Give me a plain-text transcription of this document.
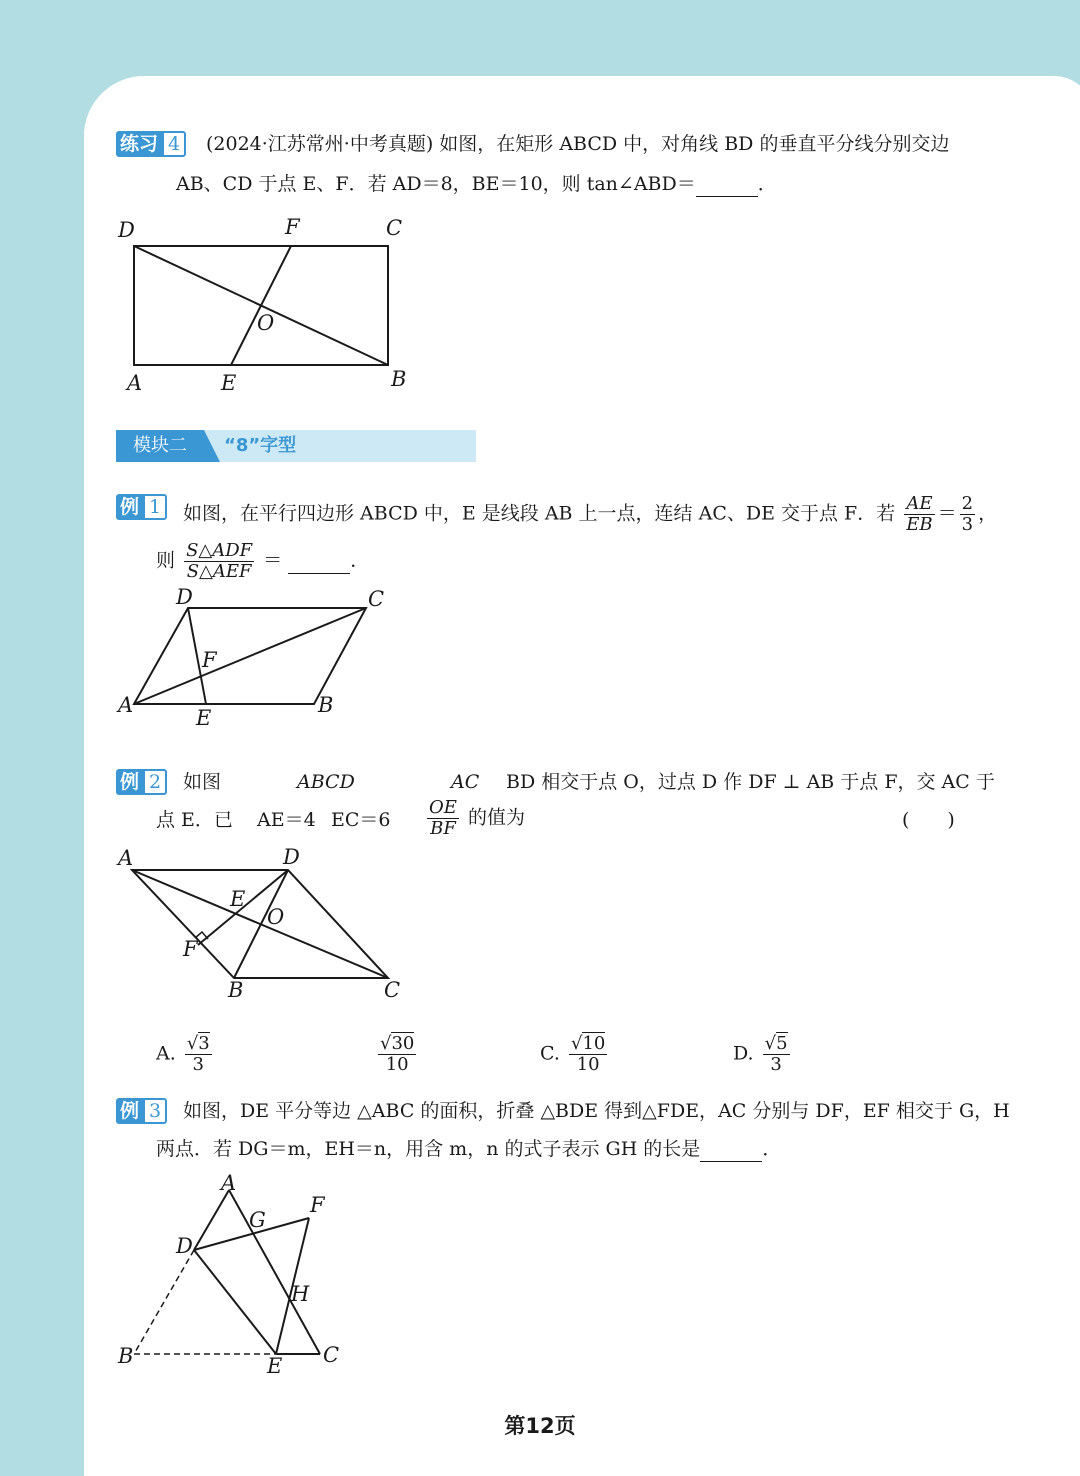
练习 4	(2024·江苏常州·中考真题) 如图，在矩形 ABCD 中，对角线 BD 的垂直平分线分别交边
AB、CD 于点 E、F．若 AD＝8，BE＝10，则 tan∠ABD＝	．
D	F	C
O
A	E	B
模块二	“8”字型
例 1	如图，在平行四边形 ABCD 中，E 是线段 AB 上一点，连结 AC、DE 交于点 F．若 $\frac{AE}{EB} = \frac{2}{3}$ ，
则 $\frac{\text{S△ADF}}{\text{S△AEF}}$ ＝	．
D	C
F
A
E
B
例 2	如图	ABCD	AC BD 相交于点 O，过点 D 作 DF ⊥ AB 于点 F，交 AC 于
点 E．已 AE＝4 $EC=6 \frac{OE}{BF}$ 的值为	(　　)
A	D
E
O
F
B	C
A. $\frac{√3}{3}$	$\frac{√30}{10}$	C. $\frac{√10}{10}$	D. $\frac{√5}{3}$
例 3	如图，DE 平分等边 △ABC 的面积，折叠 △BDE 得到△FDE，AC 分别与 DF，EF 相交于 G，H
两点．若 DG＝m，EH＝n，用含 m，n 的式子表示 GH 的长是	．
A
G
F
D
H
B	E C
第12页
